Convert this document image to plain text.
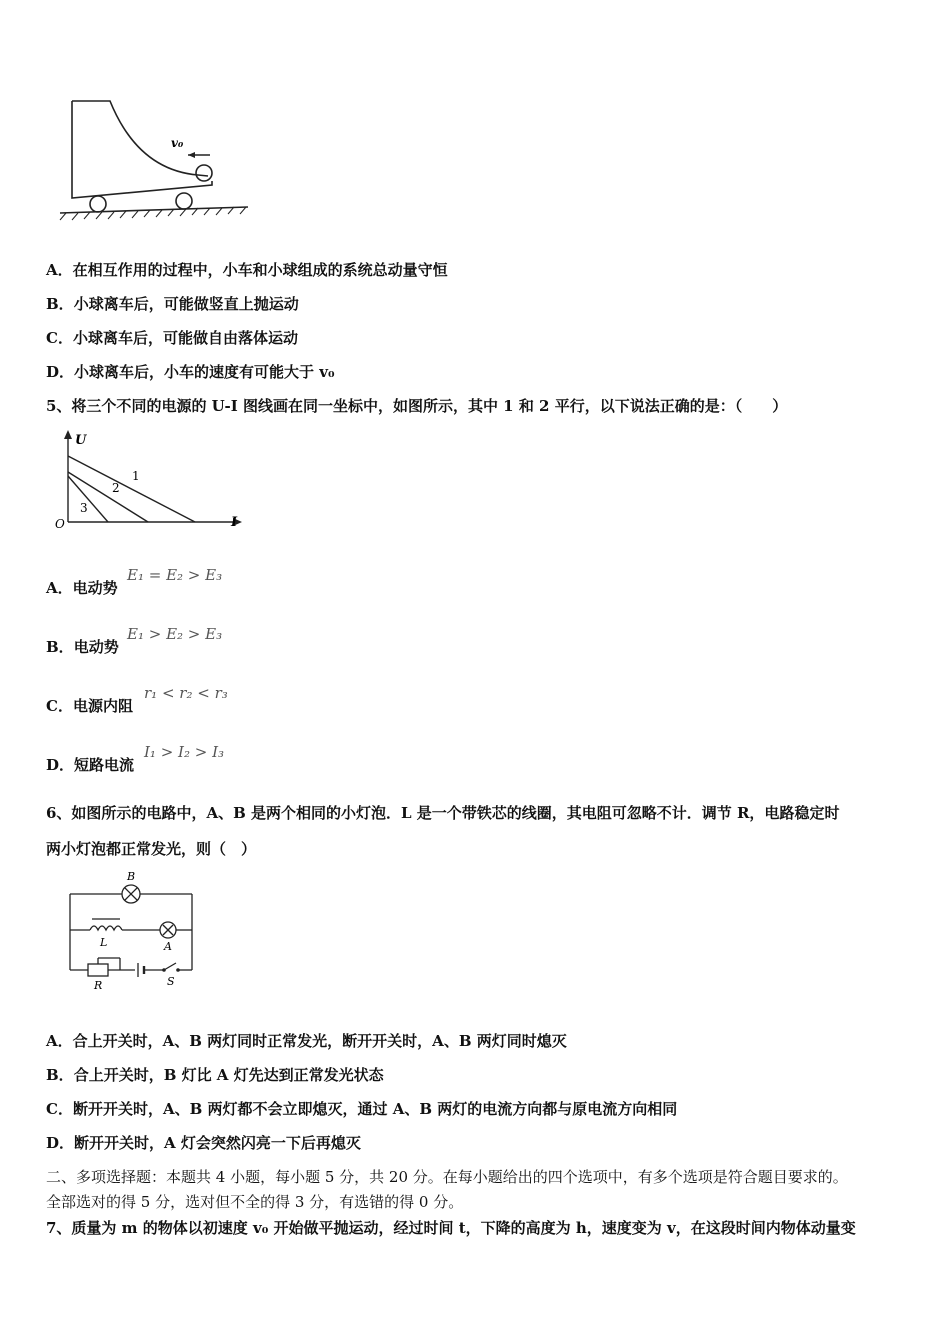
v₀
A．在相互作用的过程中，小车和小球组成的系统总动量守恒
B．小球离车后，可能做竖直上抛运动
C．小球离车后，可能做自由落体运动
D．小球离车后，小车的速度有可能大于 v₀
5、将三个不同的电源的 U-I 图线画在同一坐标中，如图所示，其中 1 和 2 平行，以下说法正确的是：（　　）
U
I
O
1
2
3
A．电动势
E₁ = E₂ > E₃
B．电动势
E₁ > E₂ > E₃
C．电源内阻
r₁ < r₂ < r₃
D．短路电流
I₁ > I₂ > I₃
6、如图所示的电路中，A、B 是两个相同的小灯泡．L 是一个带铁芯的线圈，其电阻可忽略不计．调节 R，电路稳定时
两小灯泡都正常发光，则（　）
B
L	A
R	S
A．合上开关时，A、B 两灯同时正常发光，断开开关时，A、B 两灯同时熄灭
B．合上开关时，B 灯比 A 灯先达到正常发光状态
C．断开开关时，A、B 两灯都不会立即熄灭，通过 A、B 两灯的电流方向都与原电流方向相同
D．断开开关时，A 灯会突然闪亮一下后再熄灭
二、多项选择题：本题共 4 小题，每小题 5 分，共 20 分。在每小题给出的四个选项中，有多个选项是符合题目要求的。
全部选对的得 5 分，选对但不全的得 3 分，有选错的得 0 分。
7、质量为 m 的物体以初速度 v₀ 开始做平抛运动，经过时间 t，下降的高度为 h，速度变为 v，在这段时间内物体动量变
